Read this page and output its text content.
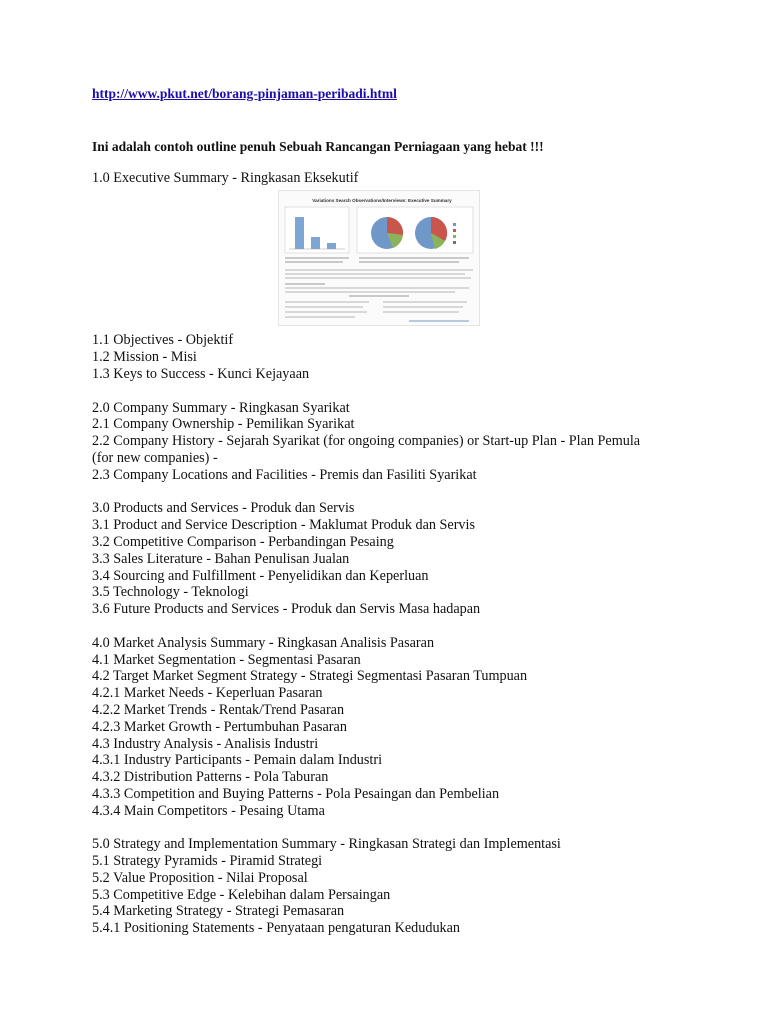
http://www.pkut.net/borang-pinjaman-peribadi.html
Ini adalah contoh outline penuh Sebuah Rancangan Perniagaan yang hebat !!!
1.0 Executive Summary - Ringkasan Eksekutif
Variations Search Observations/Interviews: Executive Summary
1.1 Objectives - Objektif
1.2 Mission - Misi
1.3 Keys to Success - Kunci Kejayaan
2.0 Company Summary - Ringkasan Syarikat
2.1 Company Ownership - Pemilikan Syarikat
2.2 Company History - Sejarah Syarikat (for ongoing companies) or Start-up Plan - Plan Pemula (for new companies) -
2.3 Company Locations and Facilities - Premis dan Fasiliti Syarikat
3.0 Products and Services - Produk dan Servis
3.1 Product and Service Description - Maklumat Produk dan Servis
3.2 Competitive Comparison - Perbandingan Pesaing
3.3 Sales Literature - Bahan Penulisan Jualan
3.4 Sourcing and Fulfillment - Penyelidikan dan Keperluan
3.5 Technology - Teknologi
3.6 Future Products and Services - Produk dan Servis Masa hadapan
4.0 Market Analysis Summary - Ringkasan Analisis Pasaran
4.1 Market Segmentation - Segmentasi Pasaran
4.2 Target Market Segment Strategy - Strategi Segmentasi Pasaran Tumpuan
4.2.1 Market Needs - Keperluan Pasaran
4.2.2 Market Trends - Rentak/Trend Pasaran
4.2.3 Market Growth - Pertumbuhan Pasaran
4.3 Industry Analysis - Analisis Industri
4.3.1 Industry Participants - Pemain dalam Industri
4.3.2 Distribution Patterns - Pola Taburan
4.3.3 Competition and Buying Patterns - Pola Pesaingan dan Pembelian
4.3.4 Main Competitors - Pesaing Utama
5.0 Strategy and Implementation Summary - Ringkasan Strategi dan Implementasi
5.1 Strategy Pyramids - Piramid Strategi
5.2 Value Proposition - Nilai Proposal
5.3 Competitive Edge - Kelebihan dalam Persaingan
5.4 Marketing Strategy - Strategi Pemasaran
5.4.1 Positioning Statements - Penyataan pengaturan Kedudukan
